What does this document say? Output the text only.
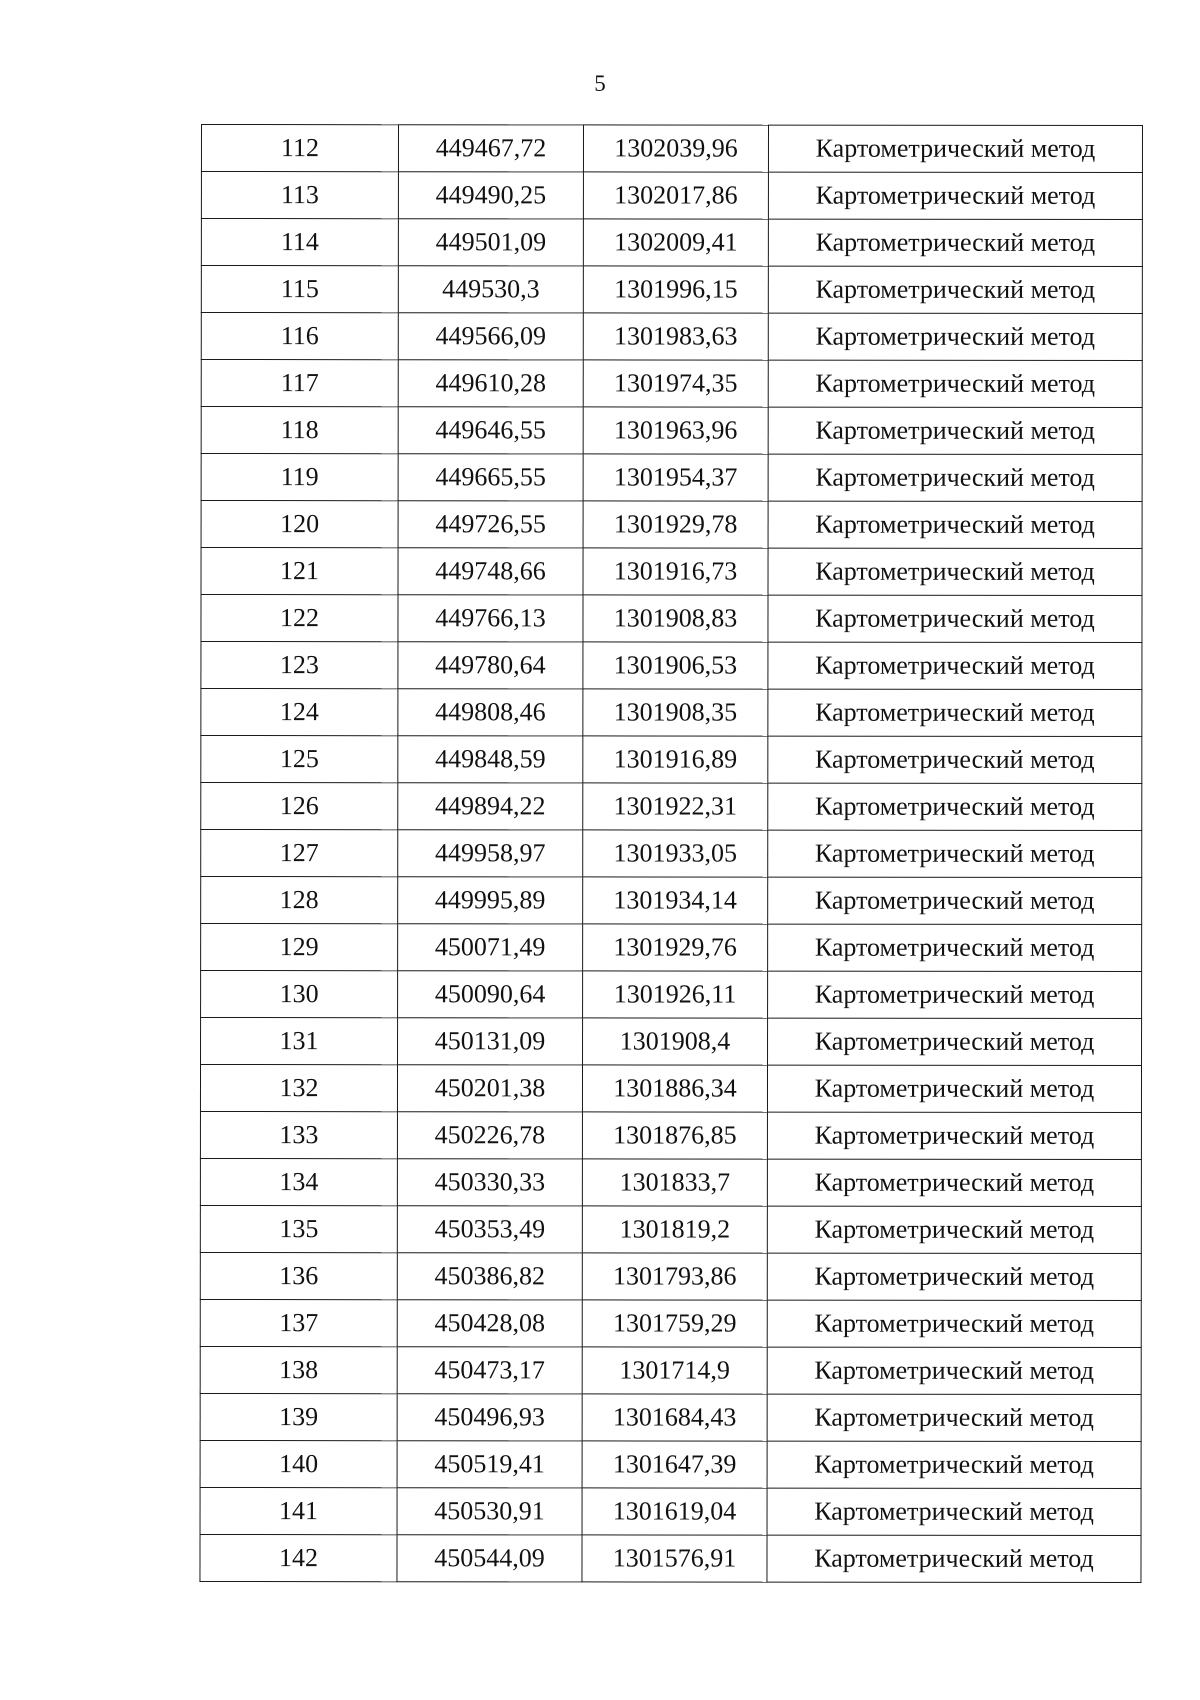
5
112	449467,72	1302039,96	Картометрический метод
113	449490,25	1302017,86	Картометрический метод
114	449501,09	1302009,41	Картометрический метод
115	449530,3	1301996,15	Картометрический метод
116	449566,09	1301983,63	Картометрический метод
117	449610,28	1301974,35	Картометрический метод
118	449646,55	1301963,96	Картометрический метод
119	449665,55	1301954,37	Картометрический метод
120	449726,55	1301929,78	Картометрический метод
121	449748,66	1301916,73	Картометрический метод
122	449766,13	1301908,83	Картометрический метод
123	449780,64	1301906,53	Картометрический метод
124	449808,46	1301908,35	Картометрический метод
125	449848,59	1301916,89	Картометрический метод
126	449894,22	1301922,31	Картометрический метод
127	449958,97	1301933,05	Картометрический метод
128	449995,89	1301934,14	Картометрический метод
129	450071,49	1301929,76	Картометрический метод
130	450090,64	1301926,11	Картометрический метод
131	450131,09	1301908,4	Картометрический метод
132	450201,38	1301886,34	Картометрический метод
133	450226,78	1301876,85	Картометрический метод
134	450330,33	1301833,7	Картометрический метод
135	450353,49	1301819,2	Картометрический метод
136	450386,82	1301793,86	Картометрический метод
137	450428,08	1301759,29	Картометрический метод
138	450473,17	1301714,9	Картометрический метод
139	450496,93	1301684,43	Картометрический метод
140	450519,41	1301647,39	Картометрический метод
141	450530,91	1301619,04	Картометрический метод
142	450544,09	1301576,91	Картометрический метод
